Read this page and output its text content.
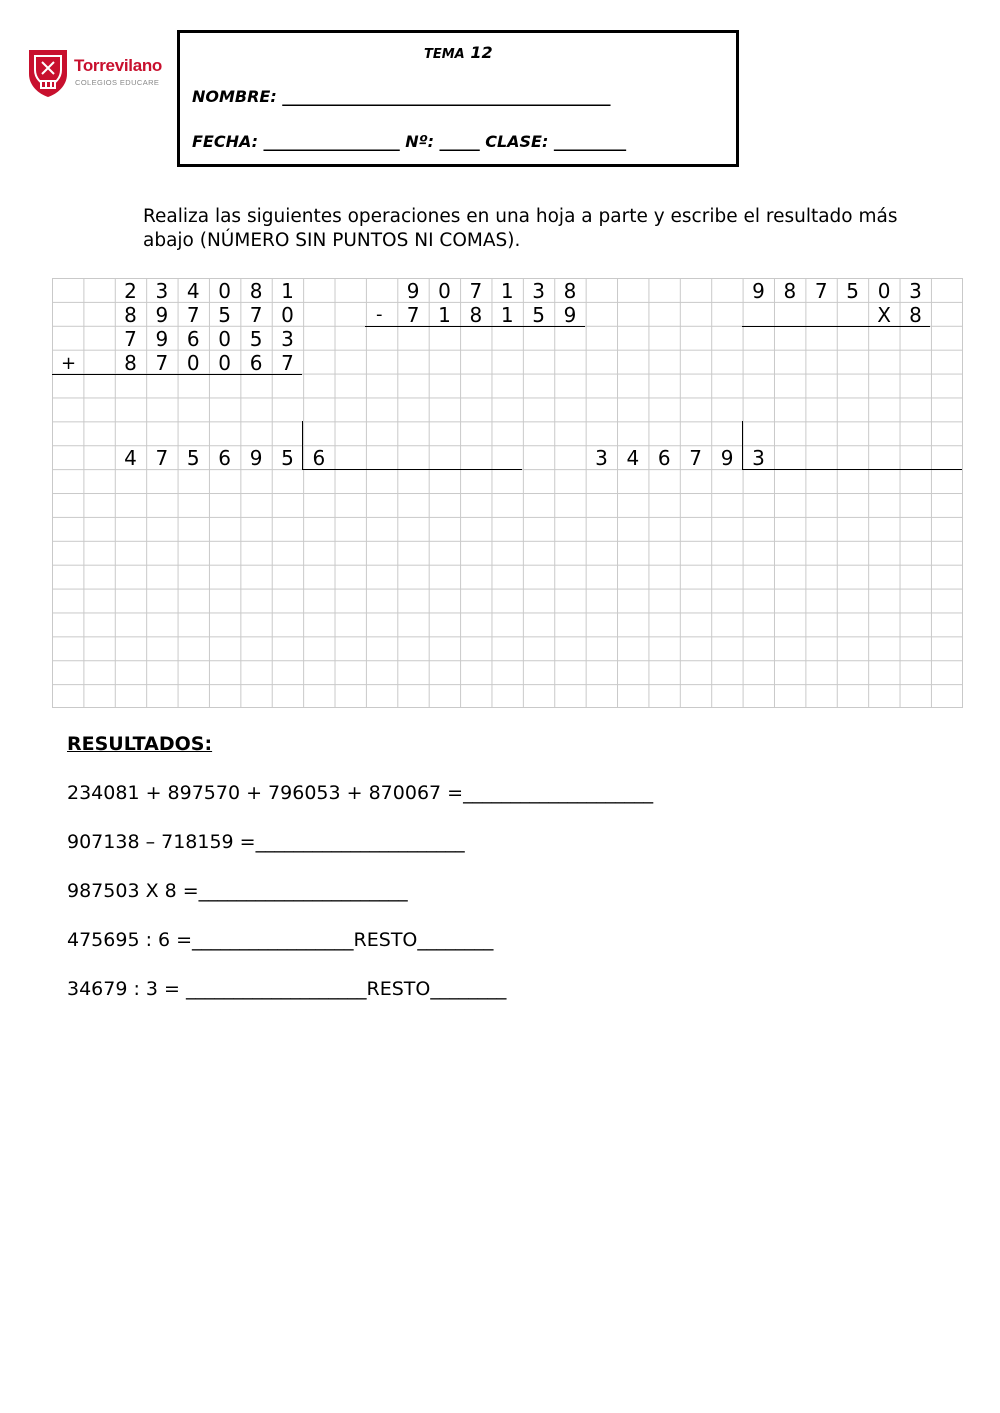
Torrevilano
COLEGIOS EDUCARE
TEMA 12
NOMBRE: _________________________________________
FECHA: _________________ Nº: _____ CLASE: _________
Realiza las siguientes operaciones en una hoja a parte y escribe el resultado más abajo (NÚMERO SIN PUNTOS NI COMAS).
2 3 4 0 8 1
8 9 7 5 7 0
7 9 6 0 5 3
8 7 0 0 6 7
+
9 0 7 1 3 8
7 1 8 1 5 9
-
9 8 7 5 0 3
X 8
4 7 5 6 9 5 6	3 4 6 7 9 3
RESULTADOS:
234081 + 897570 + 796053 + 870067 =____________________
907138 – 718159 =______________________
987503 X 8 =______________________
475695 : 6 =_________________RESTO________
34679 : 3 = ___________________RESTO________
